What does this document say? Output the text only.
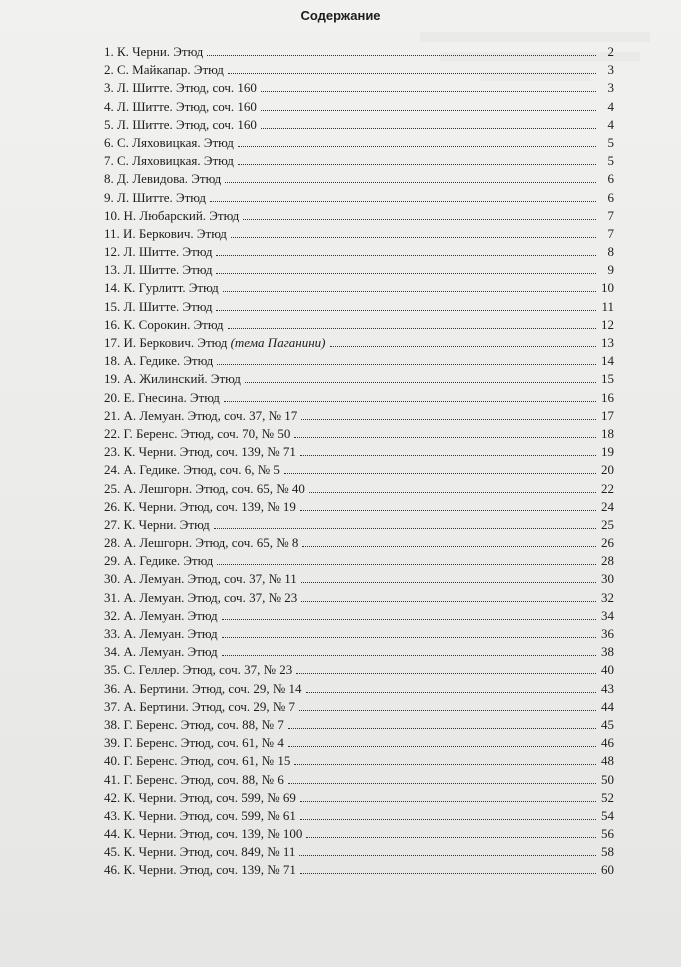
Содержание
1. К. Черни. Этюд	2
2. С. Майкапар. Этюд	3
3. Л. Шитте. Этюд, соч. 160	3
4. Л. Шитте. Этюд, соч. 160	4
5. Л. Шитте. Этюд, соч. 160	4
6. С. Ляховицкая. Этюд	5
7. С. Ляховицкая. Этюд	5
8. Д. Левидова. Этюд	6
9. Л. Шитте. Этюд	6
10. Н. Любарский. Этюд	7
11. И. Беркович. Этюд	7
12. Л. Шитте. Этюд	8
13. Л. Шитте. Этюд	9
14. К. Гурлитт. Этюд	10
15. Л. Шитте. Этюд	11
16. К. Сорокин. Этюд	12
17. И. Беркович. Этюд (тема Паганини)	13
18. А. Гедике. Этюд	14
19. А. Жилинский. Этюд	15
20. Е. Гнесина. Этюд	16
21. А. Лемуан. Этюд, соч. 37, № 17	17
22. Г. Беренс. Этюд, соч. 70, № 50	18
23. К. Черни. Этюд, соч. 139, № 71	19
24. А. Гедике. Этюд, соч. 6, № 5	20
25. А. Лешгорн. Этюд, соч. 65, № 40	22
26. К. Черни. Этюд, соч. 139, № 19	24
27. К. Черни. Этюд	25
28. А. Лешгорн. Этюд, соч. 65, № 8	26
29. А. Гедике. Этюд	28
30. А. Лемуан. Этюд, соч. 37, № 11	30
31. А. Лемуан. Этюд, соч. 37, № 23	32
32. А. Лемуан. Этюд	34
33. А. Лемуан. Этюд	36
34. А. Лемуан. Этюд	38
35. С. Геллер. Этюд, соч. 37, № 23	40
36. А. Бертини. Этюд, соч. 29, № 14	43
37. А. Бертини. Этюд, соч. 29, № 7	44
38. Г. Беренс. Этюд, соч. 88, № 7	45
39. Г. Беренс. Этюд, соч. 61, № 4	46
40. Г. Беренс. Этюд, соч. 61, № 15	48
41. Г. Беренс. Этюд, соч. 88, № 6	50
42. К. Черни. Этюд, соч. 599, № 69	52
43. К. Черни. Этюд, соч. 599, № 61	54
44. К. Черни. Этюд, соч. 139, № 100	56
45. К. Черни. Этюд, соч. 849, № 11	58
46. К. Черни. Этюд, соч. 139, № 71	60
